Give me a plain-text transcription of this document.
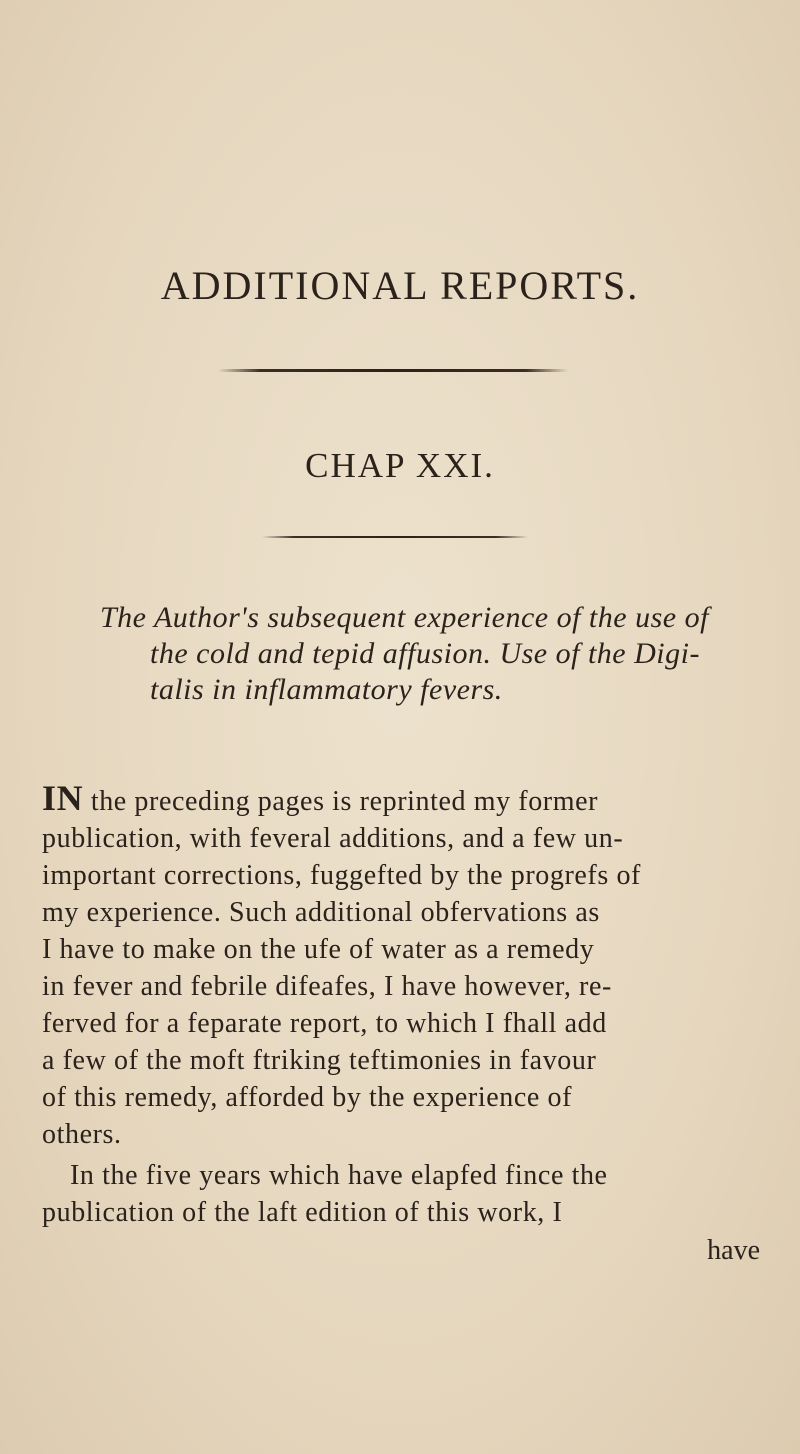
ADDITIONAL REPORTS.
CHAP XXI.
The Author's subsequent experience of the use of
the cold and tepid affusion. Use of the Digi-
talis in inflammatory fevers.
IN the preceding pages is reprinted my former
publication, with feveral additions, and a few un-
important corrections, fuggefted by the progrefs of
my experience. Such additional obfervations as
I have to make on the ufe of water as a remedy
in fever and febrile difeafes, I have however, re-
ferved for a feparate report, to which I fhall add
a few of the moft ftriking teftimonies in favour
of this remedy, afforded by the experience of
others.
In the five years which have elapfed fince the
publication of the laft edition of this work, I
have
